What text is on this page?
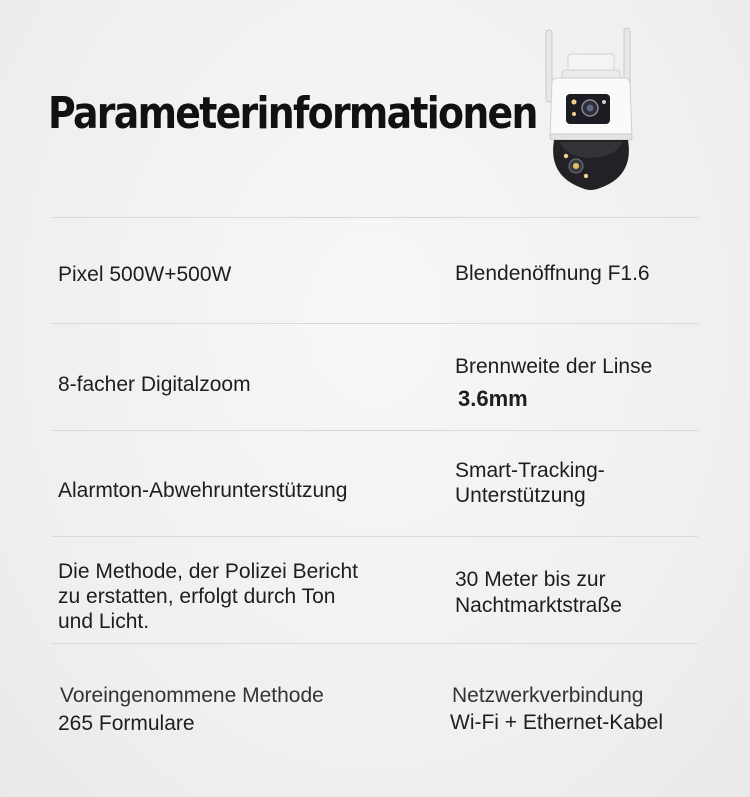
Parameterinformationen
Pixel 500W+500W	Blendenöffnung F1.6
8-facher Digitalzoom
Brennweite der Linse
3.6mm
Alarmton-Abwehrunterstützung
Smart-Tracking-
Unterstützung
Die Methode, der Polizei Bericht
zu erstatten, erfolgt durch Ton
und Licht.
30 Meter bis zur
Nachtmarktstraße
Voreingenommene Methode
265 Formulare
Netzwerkverbindung
Wi-Fi + Ethernet-Kabel
